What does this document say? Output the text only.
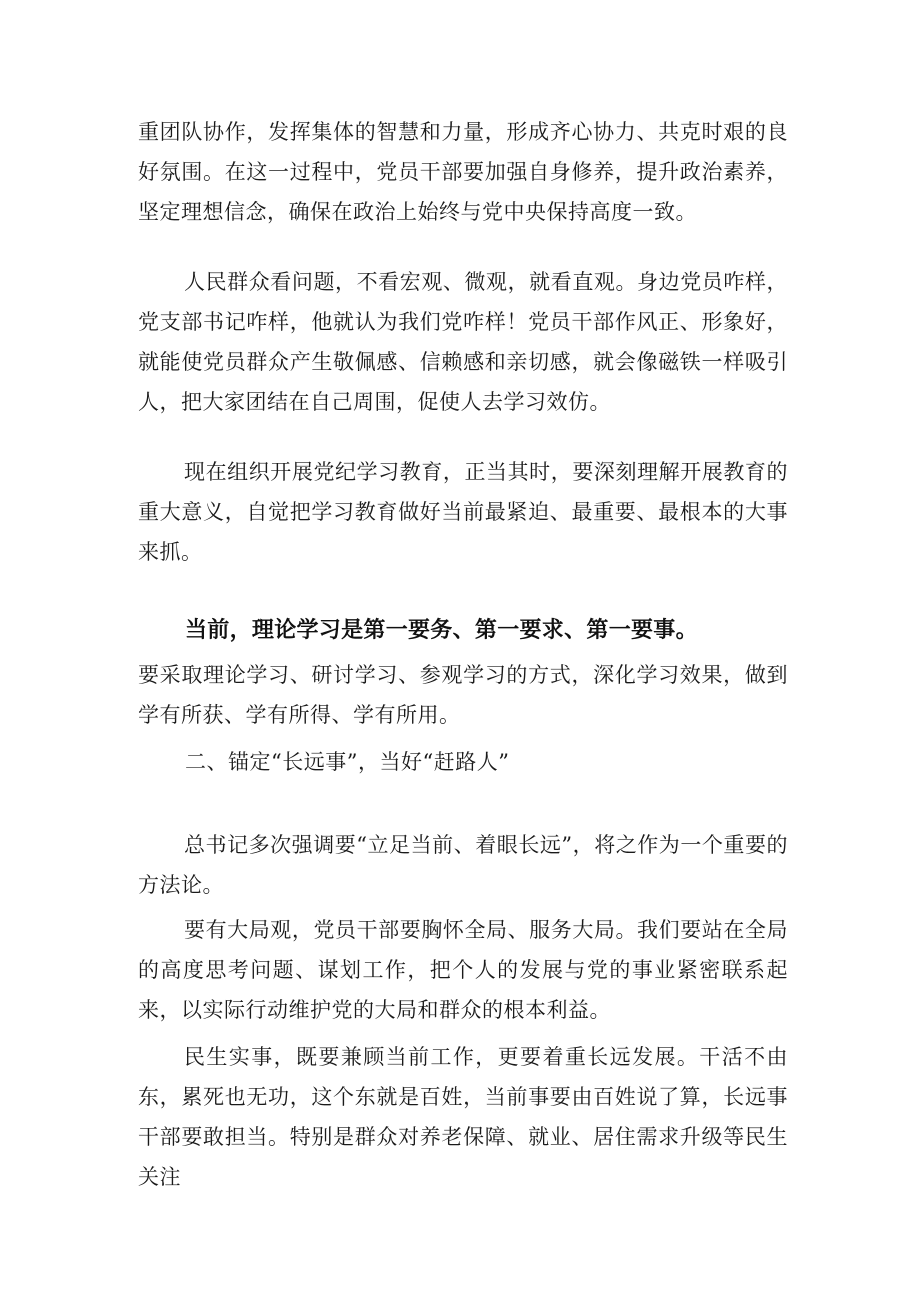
重团队协作，发挥集体的智慧和力量，形成齐心协力、共克时艰的良好氛围。在这一过程中，党员干部要加强自身修养，提升政治素养，坚定理想信念，确保在政治上始终与党中央保持高度一致。

人民群众看问题，不看宏观、微观，就看直观。身边党员咋样，党支部书记咋样，他就认为我们党咋样！党员干部作风正、形象好，就能使党员群众产生敬佩感、信赖感和亲切感，就会像磁铁一样吸引人，把大家团结在自己周围，促使人去学习效仿。

现在组织开展党纪学习教育，正当其时，要深刻理解开展教育的重大意义，自觉把学习教育做好当前最紧迫、最重要、最根本的大事来抓。

当前，理论学习是第一要务、第一要求、第一要事。

要采取理论学习、研讨学习、参观学习的方式，深化学习效果，做到学有所获、学有所得、学有所用。

二、锚定“长远事”，当好“赶路人”

总书记多次强调要“立足当前、着眼长远”，将之作为一个重要的方法论。

要有大局观，党员干部要胸怀全局、服务大局。我们要站在全局的高度思考问题、谋划工作，把个人的发展与党的事业紧密联系起来，以实际行动维护党的大局和群众的根本利益。

民生实事，既要兼顾当前工作，更要着重长远发展。干活不由东，累死也无功，这个东就是百姓，当前事要由百姓说了算，长远事干部要敢担当。特别是群众对养老保障、就业、居住需求升级等民生关注
